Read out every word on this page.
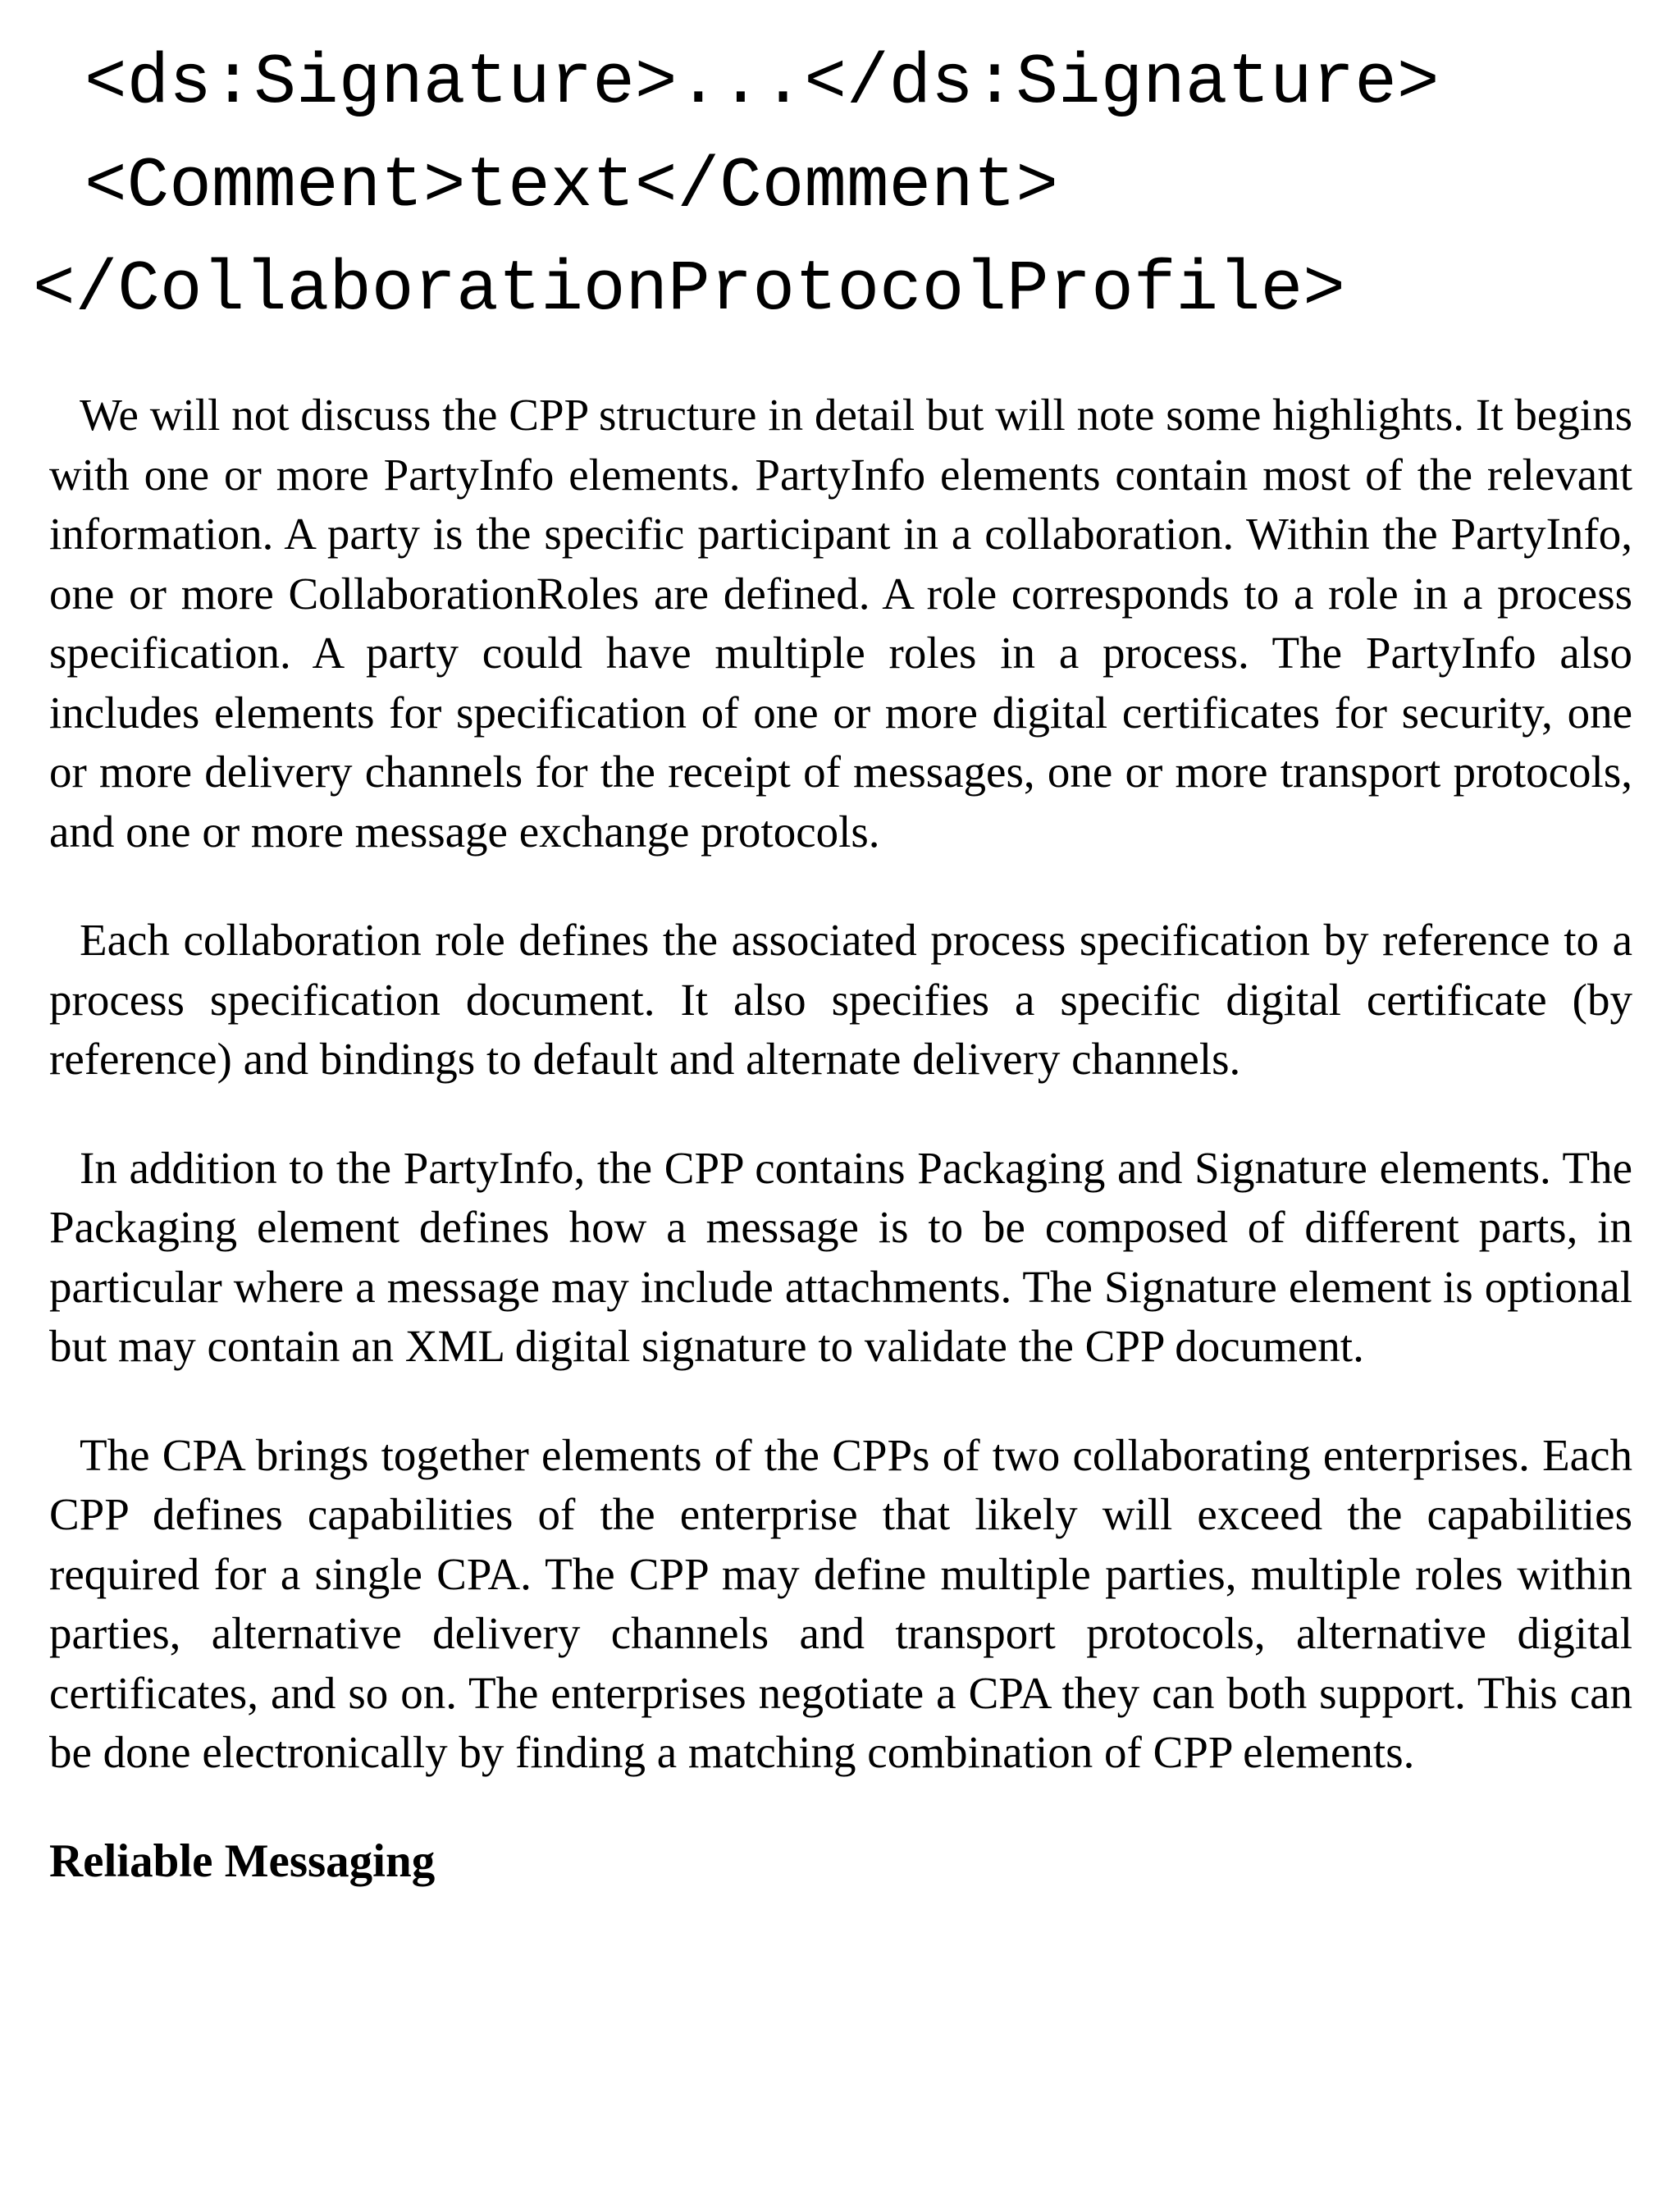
<ds:Signature>...</ds:Signature>
<Comment>text</Comment>
</CollaborationProtocolProfile>

We will not discuss the CPP structure in detail but will note some highlights. It begins with one or more PartyInfo elements. PartyInfo elements contain most of the relevant information. A party is the specific participant in a collaboration. Within the PartyInfo, one or more CollaborationRoles are defined. A role corresponds to a role in a process specification. A party could have multiple roles in a process. The PartyInfo also includes elements for specification of one or more digital certificates for security, one or more delivery channels for the receipt of messages, one or more transport protocols, and one or more message exchange protocols.

Each collaboration role defines the associated process specification by reference to a process specification document. It also specifies a specific digital certificate (by reference) and bindings to default and alternate delivery channels.

In addition to the PartyInfo, the CPP contains Packaging and Signature elements. The Packaging element defines how a message is to be composed of different parts, in particular where a message may include attachments. The Signature element is optional but may contain an XML digital signature to validate the CPP document.

The CPA brings together elements of the CPPs of two collaborating enterprises. Each CPP defines capabilities of the enterprise that likely will exceed the capabilities required for a single CPA. The CPP may define multiple parties, multiple roles within parties, alternative delivery channels and transport protocols, alternative digital certificates, and so on. The enterprises negotiate a CPA they can both support. This can be done electronically by finding a matching combination of CPP elements.

Reliable Messaging
